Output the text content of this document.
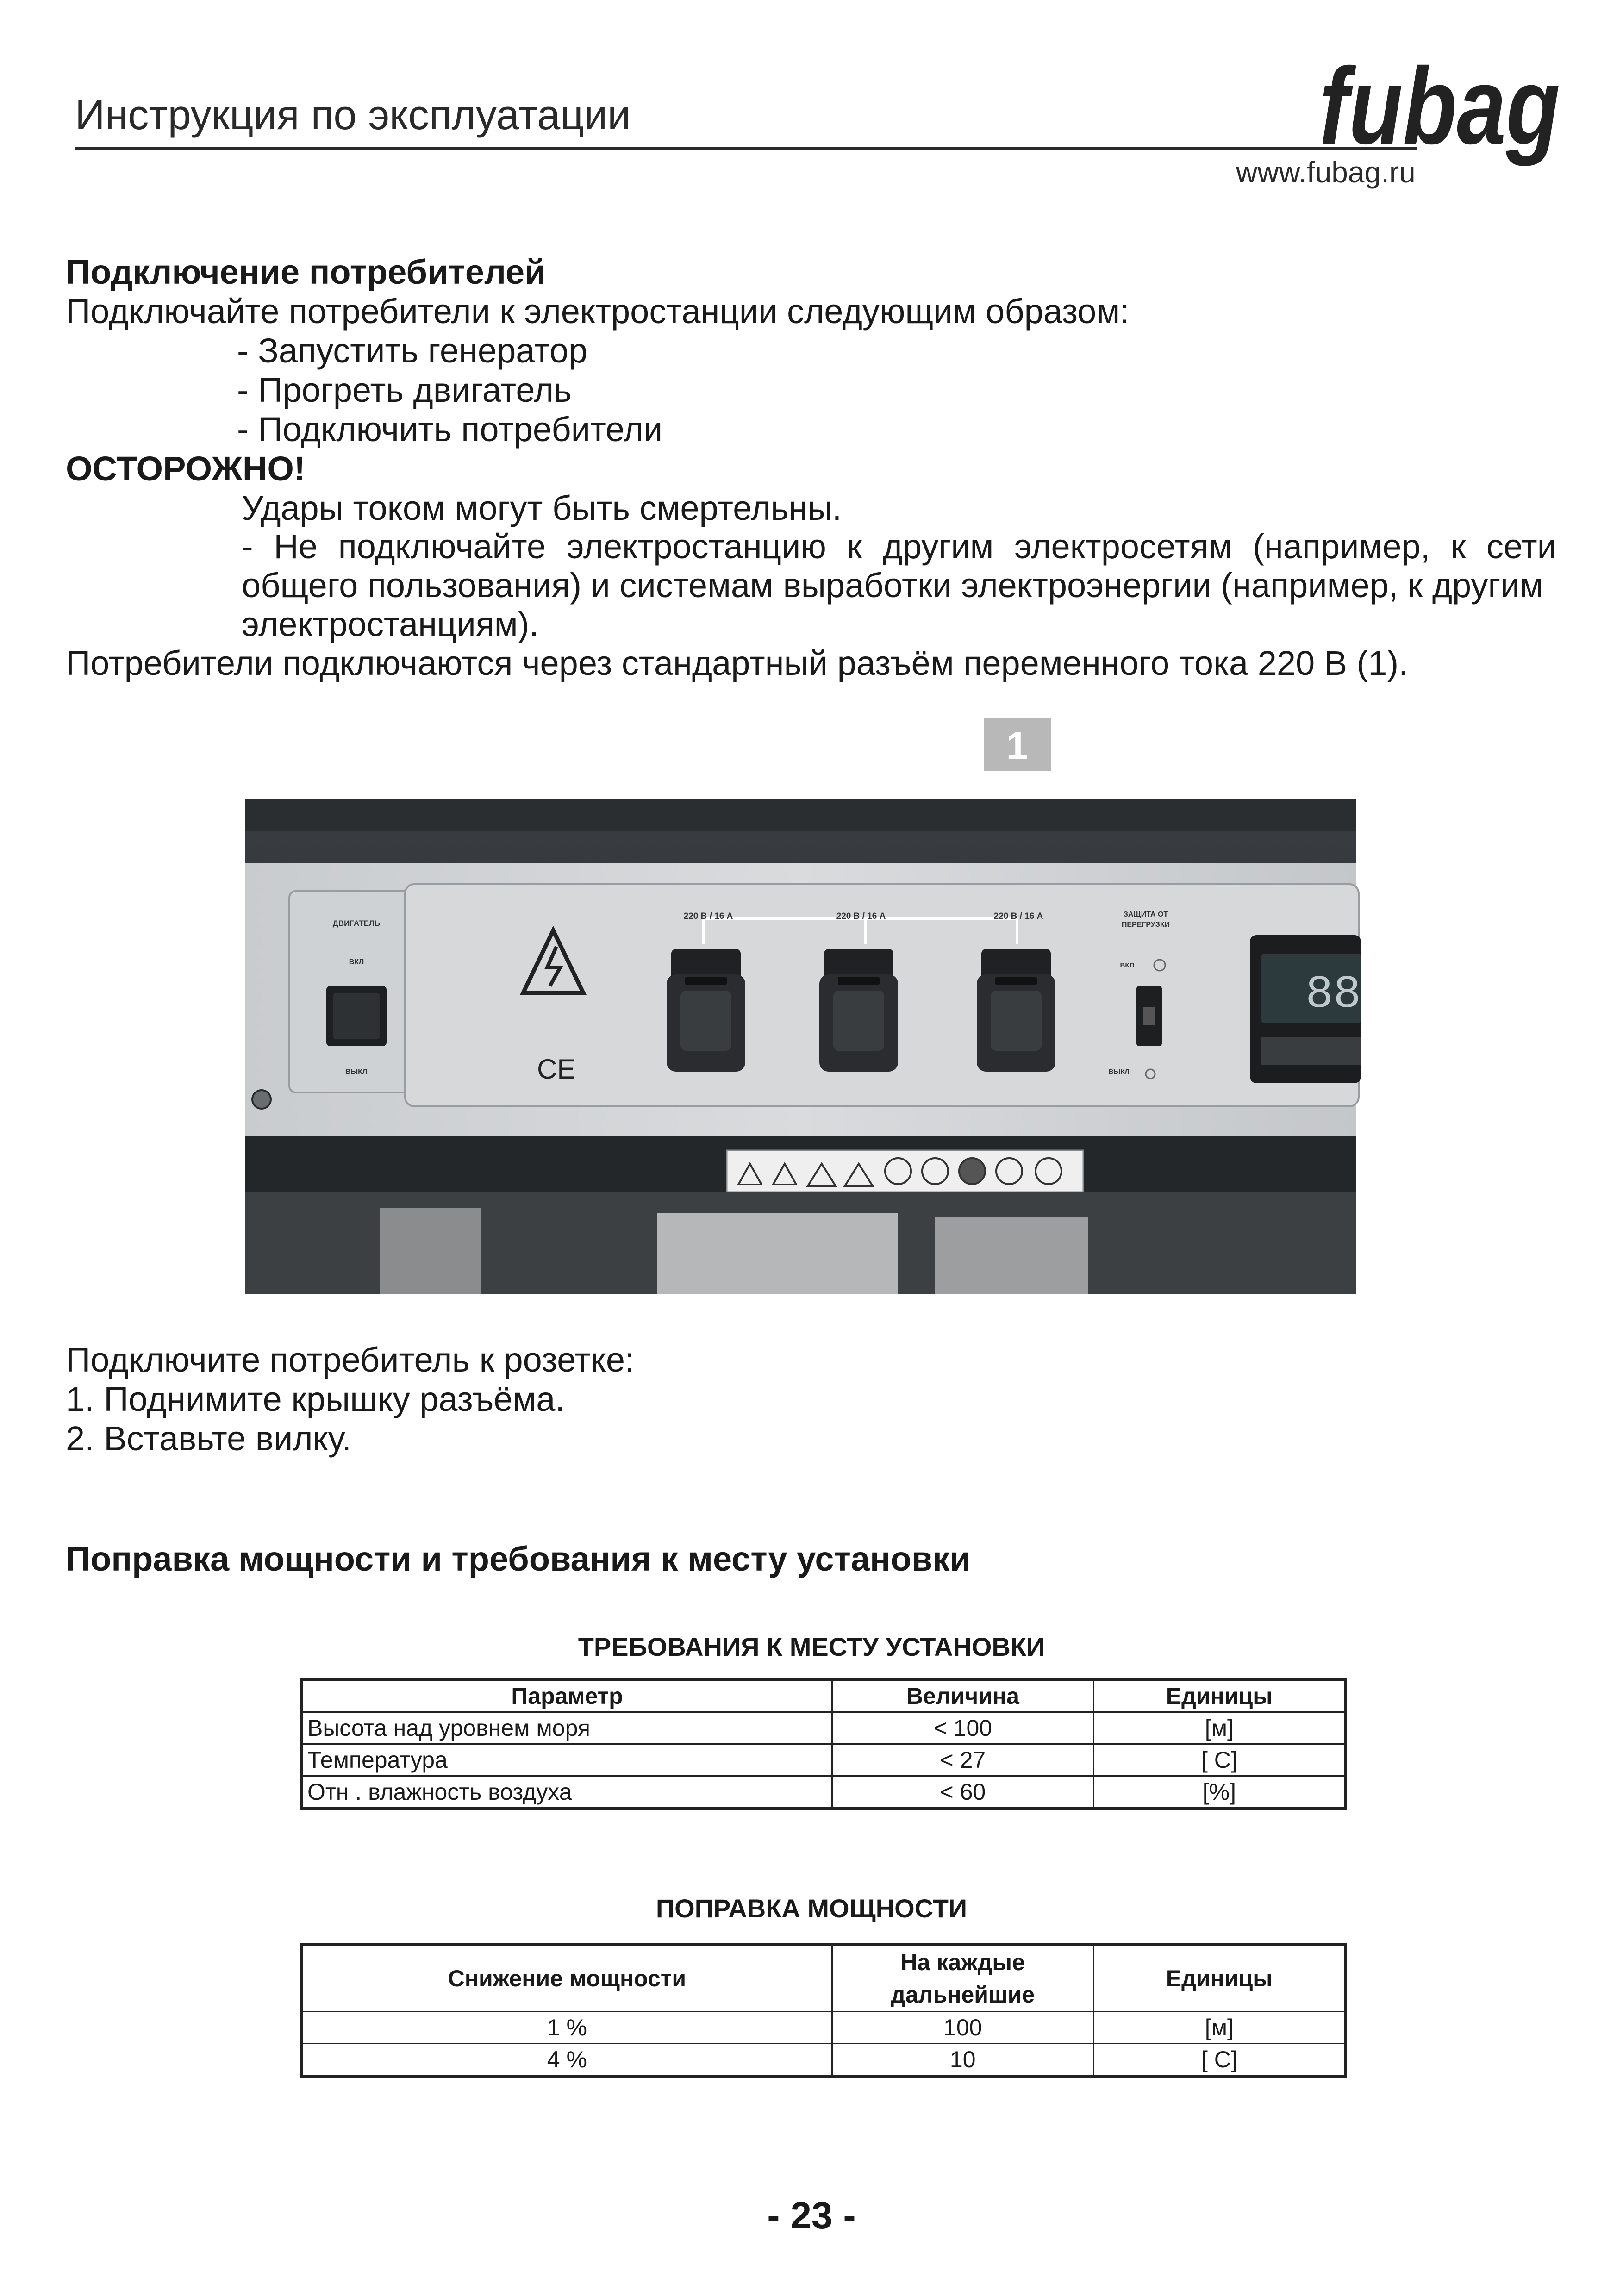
Инструкция по эксплуатации	fubag
www.fubag.ru
Подключение потребителей
Подключайте потребители к электростанции следующим образом:
- Запустить генератор
- Прогреть двигатель
- Подключить потребители
ОСТОРОЖНО!
Удары током могут быть смертельны.
- Не подключайте электростанцию к другим электросетям (например, к сети
общего пользования) и системам выработки электроэнергии (например, к другим
электростанциям).
Потребители подключаются через стандартный разъём переменного тока 220 В (1).
1
ДВИГАТЕЛЬ
ВКЛ
ВЫКЛ	CE
220 В / 16 А	220 В / 16 А	220 В / 16 А	ЗАЩИТА ОТ
ПЕРЕГРУЗКИ
ВКЛ
ВЫКЛ
88
Подключите потребитель к розетке:
1. Поднимите крышку разъёма.
2. Вставьте вилку.
Поправка мощности и требования к месту установки
ТРЕБОВАНИЯ К МЕСТУ УСТАНОВКИ
Параметр	Величина	Единицы
Высота над уровнем моря	< 100	[м]
Температура	< 27	[ C]
Отн . влажность воздуха	< 60	[%]
ПОПРАВКА МОЩНОСТИ
Снижение мощности	На каждые дальнейшие	Единицы
1 %	100	[м]
4 %	10	[ C]
- 23 -
